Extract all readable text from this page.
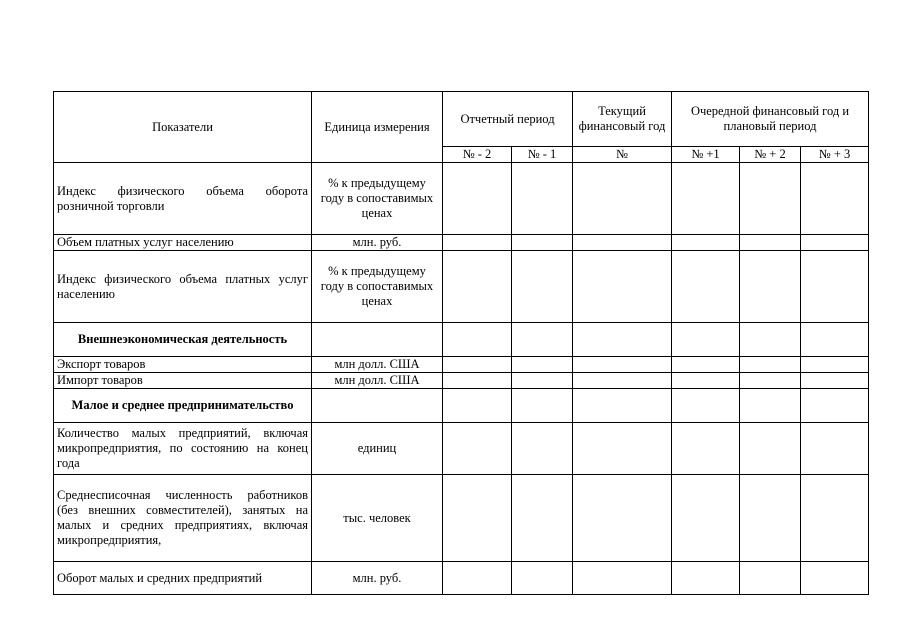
Показатели	Единица измерения	Отчетный период		Текущий финансовый год	Очередной финансовый год и плановый период		
		№ - 2	№ - 1	№	№ +1	№ + 2	№ + 3
Индекс физического объема оборота розничной торговли	% к предыдущему году в сопоставимых ценах						
Объем платных услуг населению	млн. руб.						
Индекс физического объема платных услуг населению	% к предыдущему году в сопоставимых ценах						
Внешнеэкономическая деятельность							
Экспорт товаров	млн долл. США						
Импорт товаров	млн долл. США						
Малое и среднее предпринимательство							
Количество малых предприятий, включая микропредприятия, по состоянию на конец года	единиц						
Среднесписочная численность работников (без внешних совместителей), занятых на малых и средних предприятиях, включая микропредприятия,	тыс. человек						
Оборот малых и средних предприятий	млн. руб.						
